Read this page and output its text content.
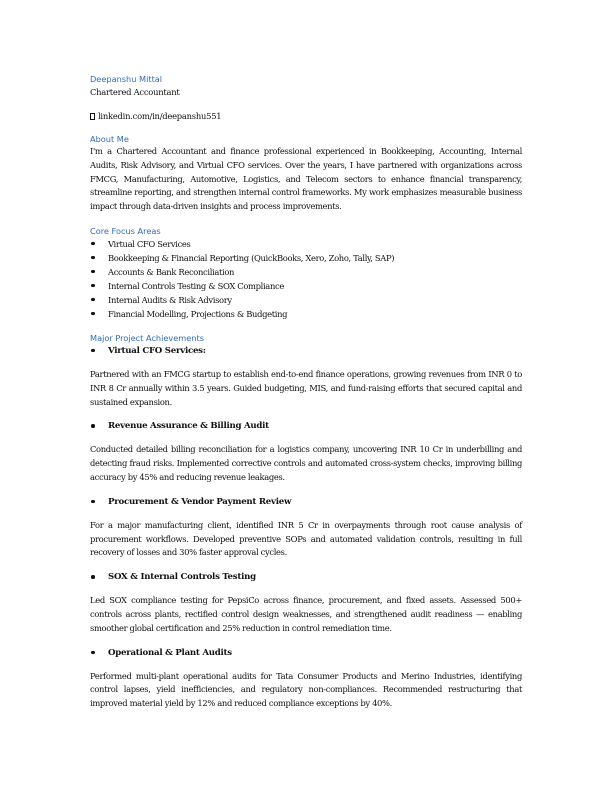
Deepanshu Mittal
Chartered Accountant
linkedin.com/in/deepanshu551
About Me

I'm a Chartered Accountant and finance professional experienced in Bookkeeping, Accounting, Internal Audits, Risk Advisory, and Virtual CFO services. Over the years, I have partnered with organizations across FMCG, Manufacturing, Automotive, Logistics, and Telecom sectors to enhance financial transparency, streamline reporting, and strengthen internal control frameworks. My work emphasizes measurable business impact through data-driven insights and process improvements.

Core Focus Areas
Virtual CFO Services
Bookkeeping & Financial Reporting (QuickBooks, Xero, Zoho, Tally, SAP)
Accounts & Bank Reconciliation
Internal Controls Testing & SOX Compliance
Internal Audits & Risk Advisory
Financial Modelling, Projections & Budgeting
Major Project Achievements
Virtual CFO Services:

Partnered with an FMCG startup to establish end-to-end finance operations, growing revenues from INR 0 to INR 8 Cr annually within 3.5 years. Guided budgeting, MIS, and fund-raising efforts that secured capital and sustained expansion.

Revenue Assurance & Billing Audit

Conducted detailed billing reconciliation for a logistics company, uncovering INR 10 Cr in underbilling and detecting fraud risks. Implemented corrective controls and automated cross-system checks, improving billing accuracy by 45% and reducing revenue leakages.

Procurement & Vendor Payment Review

For a major manufacturing client, identified INR 5 Cr in overpayments through root cause analysis of procurement workflows. Developed preventive SOPs and automated validation controls, resulting in full recovery of losses and 30% faster approval cycles.

SOX & Internal Controls Testing

Led SOX compliance testing for PepsiCo across finance, procurement, and fixed assets. Assessed 500+ controls across plants, rectified control design weaknesses, and strengthened audit readiness — enabling smoother global certification and 25% reduction in control remediation time.

Operational & Plant Audits

Performed multi-plant operational audits for Tata Consumer Products and Merino Industries, identifying control lapses, yield inefficiencies, and regulatory non-compliances. Recommended restructuring that improved material yield by 12% and reduced compliance exceptions by 40%.
